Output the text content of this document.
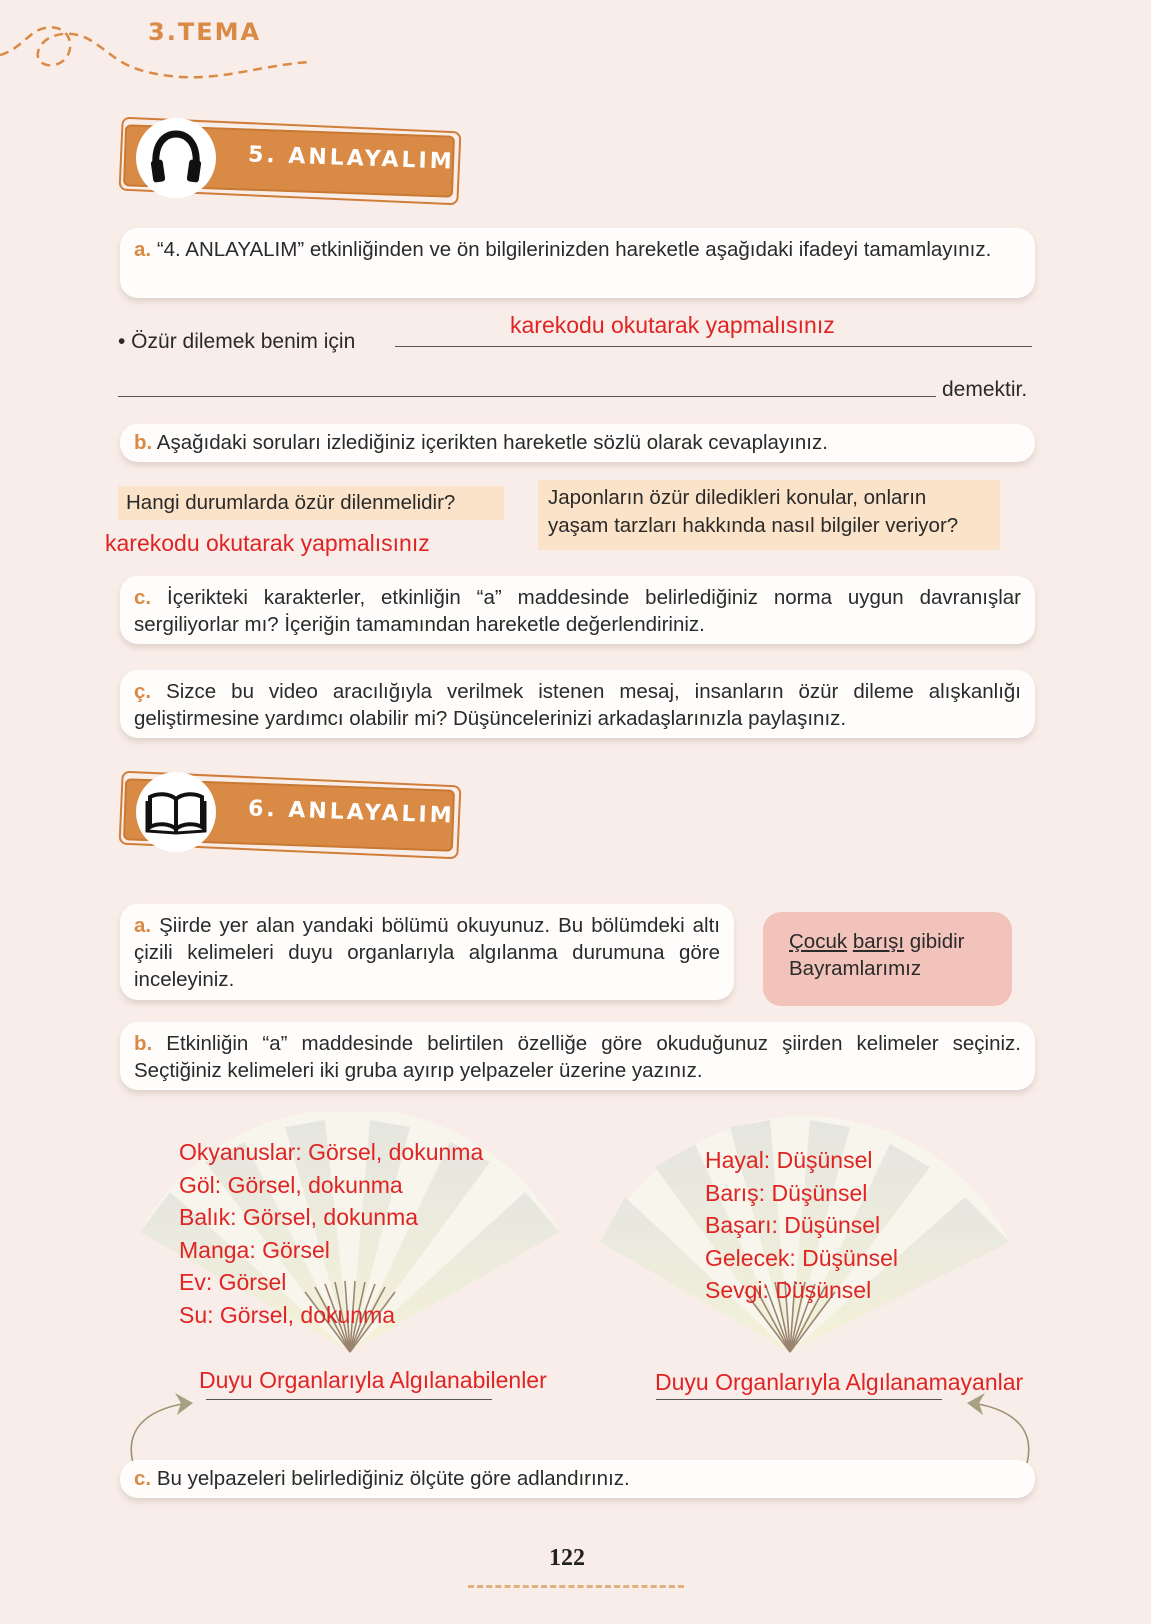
3.TEMA
5. ANLAYALIM
a. “4. ANLAYALIM” etkinliğinden ve ön bilgilerinizden hareketle aşağıdaki ifadeyi tamamlayınız.
• Özür dilemek benim için
karekodu okutarak yapmalısınız
demektir.
b. Aşağıdaki soruları izlediğiniz içerikten hareketle sözlü olarak cevaplayınız.
Hangi durumlarda özür dilenmelidir?	Japonların özür diledikleri konular, onların yaşam tarzları hakkında nasıl bilgiler veriyor?
karekodu okutarak yapmalısınız
c. İçerikteki karakterler, etkinliğin “a” maddesinde belirlediğiniz norma uygun davranışlar sergiliyorlar mı? İçeriğin tamamından hareketle değerlendiriniz.
ç. Sizce bu video aracılığıyla verilmek istenen mesaj, insanların özür dileme alışkanlığı geliştirmesine yardımcı olabilir mi? Düşüncelerinizi arkadaşlarınızla paylaşınız.
6. ANLAYALIM
a. Şiirde yer alan yandaki bölümü okuyunuz. Bu bölümdeki altı çizili kelimeleri duyu organlarıyla algılanma durumuna göre inceleyiniz.
Çocuk barışı gibidir
Bayramlarımız
b. Etkinliğin “a” maddesinde belirtilen özelliğe göre okuduğunuz şiirden kelimeler seçiniz. Seçtiğiniz kelimeleri iki gruba ayırıp yelpazeler üzerine yazınız.
Okyanuslar: Görsel, dokunma
Göl: Görsel, dokunma
Balık: Görsel, dokunma
Manga: Görsel
Ev: Görsel
Su: Görsel, dokunma
Hayal: Düşünsel
Barış: Düşünsel
Başarı: Düşünsel
Gelecek: Düşünsel
Sevgi: Düşünsel
Duyu Organlarıyla Algılanabilenler	Duyu Organlarıyla Algılanamayanlar
c. Bu yelpazeleri belirlediğiniz ölçüte göre adlandırınız.
122
